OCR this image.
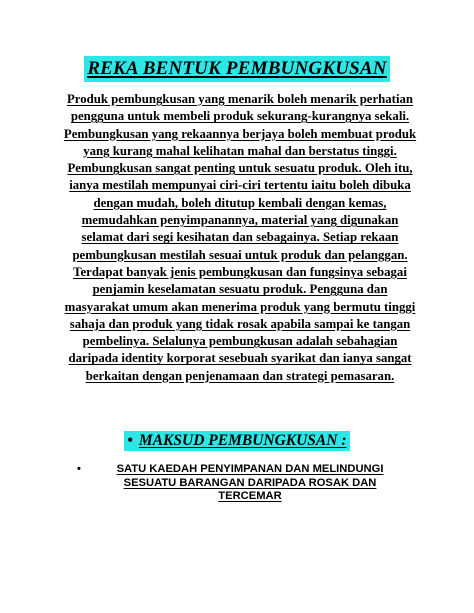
REKA BENTUK PEMBUNGKUSAN
Produk pembungkusan yang menarik boleh menarik perhatian pengguna untuk membeli produk sekurang-kurangnya sekali. Pembungkusan yang rekaannya berjaya boleh membuat produk yang kurang mahal kelihatan mahal dan berstatus tinggi. Pembungkusan sangat penting untuk sesuatu produk. Oleh itu, ianya mestilah mempunyai ciri-ciri tertentu iaitu boleh dibuka dengan mudah, boleh ditutup kembali dengan kemas, memudahkan penyimpanannya, material yang digunakan selamat dari segi kesihatan dan sebagainya. Setiap rekaan pembungkusan mestilah sesuai untuk produk dan pelanggan. Terdapat banyak jenis pembungkusan dan fungsinya sebagai penjamin keselamatan sesuatu produk. Pengguna dan masyarakat umum akan menerima produk yang bermutu tinggi sahaja dan produk yang tidak rosak apabila sampai ke tangan pembelinya. Selalunya pembungkusan adalah sebahagian daripada identity korporat sesebuah syarikat dan ianya sangat berkaitan dengan penjenamaan dan strategi pemasaran.
• MAKSUD PEMBUNGKUSAN :
•	SATU KAEDAH PENYIMPANAN DAN MELINDUNGI SESUATU BARANGAN DARIPADA ROSAK DAN TERCEMAR
